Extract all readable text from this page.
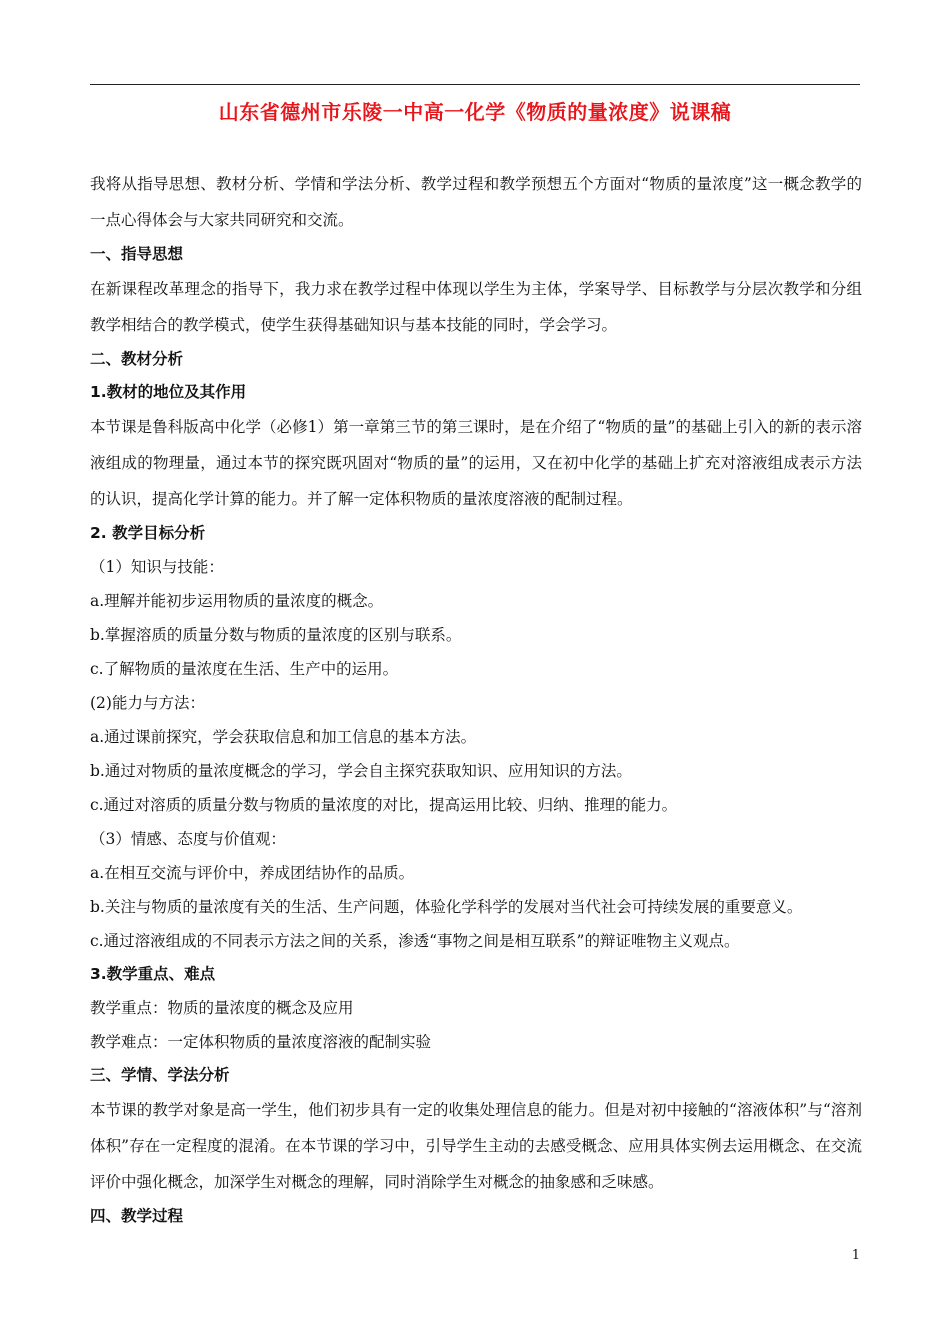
山东省德州市乐陵一中高一化学《物质的量浓度》说课稿

我将从指导思想、教材分析、学情和学法分析、教学过程和教学预想五个方面对“物质的量浓度”这一概念教学的一点心得体会与大家共同研究和交流。

一、指导思想

在新课程改革理念的指导下，我力求在教学过程中体现以学生为主体，学案导学、目标教学与分层次教学和分组教学相结合的教学模式，使学生获得基础知识与基本技能的同时，学会学习。

二、教材分析

1.教材的地位及其作用

本节课是鲁科版高中化学（必修1）第一章第三节的第三课时，是在介绍了“物质的量”的基础上引入的新的表示溶液组成的物理量，通过本节的探究既巩固对“物质的量”的运用，又在初中化学的基础上扩充对溶液组成表示方法的认识，提高化学计算的能力。并了解一定体积物质的量浓度溶液的配制过程。

2. 教学目标分析

（1）知识与技能：

a.理解并能初步运用物质的量浓度的概念。

b.掌握溶质的质量分数与物质的量浓度的区别与联系。

c.了解物质的量浓度在生活、生产中的运用。

(2)能力与方法：

a.通过课前探究，学会获取信息和加工信息的基本方法。

b.通过对物质的量浓度概念的学习，学会自主探究获取知识、应用知识的方法。

c.通过对溶质的质量分数与物质的量浓度的对比，提高运用比较、归纳、推理的能力。

（3）情感、态度与价值观：

a.在相互交流与评价中，养成团结协作的品质。

b.关注与物质的量浓度有关的生活、生产问题，体验化学科学的发展对当代社会可持续发展的重要意义。

c.通过溶液组成的不同表示方法之间的关系，渗透“事物之间是相互联系”的辩证唯物主义观点。

3.教学重点、难点

教学重点：物质的量浓度的概念及应用

教学难点：一定体积物质的量浓度溶液的配制实验

三、学情、学法分析

本节课的教学对象是高一学生，他们初步具有一定的收集处理信息的能力。但是对初中接触的“溶液体积”与“溶剂体积”存在一定程度的混淆。在本节课的学习中，引导学生主动的去感受概念、应用具体实例去运用概念、在交流评价中强化概念，加深学生对概念的理解，同时消除学生对概念的抽象感和乏味感。

四、教学过程

1
